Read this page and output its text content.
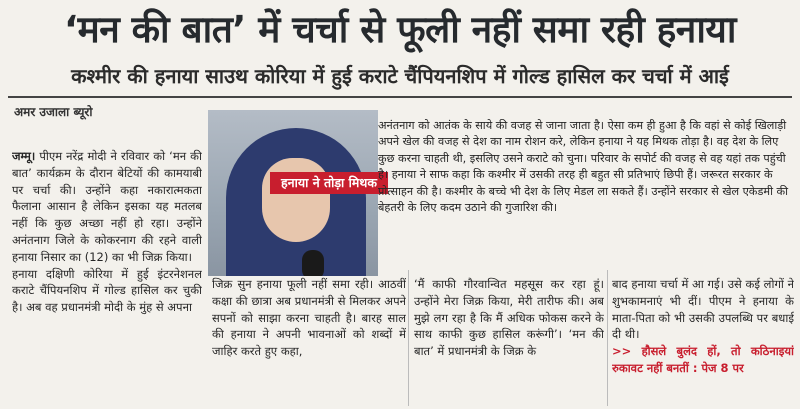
‘मन की बात’ में चर्चा से फूली नहीं समा रही हनाया
कश्मीर की हनाया साउथ कोरिया में हुई कराटे चैंपियनशिप में गोल्ड हासिल कर चर्चा में आई
अमर उजाला ब्यूरो

जम्मू। पीएम नरेंद्र मोदी ने रविवार को ‘मन की बात’ कार्यक्रम के दौरान बेटियों की कामयाबी पर चर्चा की। उन्होंने कहा नकारात्मकता फैलाना आसान है लेकिन इसका यह मतलब नहीं कि कुछ अच्छा नहीं हो रहा। उन्होंने अनंतनाग जिले के कोकरनाग की रहने वाली हनाया निसार का (12) का भी जिक्र किया।

हनाया दक्षिणी कोरिया में हुई इंटरनेशनल कराटे चैंपियनशिप में गोल्ड हासिल कर चुकी है। अब वह प्रधानमंत्री मोदी के मुंह से अपना

हनाया ने तोड़ा मिथक
अनंतनाग को आतंक के साये की वजह से जाना जाता है। ऐसा कम ही हुआ है कि वहां से कोई खिलाड़ी अपने खेल की वजह से देश का नाम रोशन करे, लेकिन हनाया ने यह मिथक तोड़ा है। वह देश के लिए कुछ करना चाहती थी, इसलिए उसने कराटे को चुना। परिवार के सपोर्ट की वजह से वह यहां तक पहुंची है। हनाया ने साफ कहा कि कश्मीर में उसकी तरह ही बहुत सी प्रतिभाएं छिपी हैं। जरूरत सरकार के प्रोत्साहन की है। कश्मीर के बच्चे भी देश के लिए मेडल ला सकते हैं। उन्होंने सरकार से खेल एकेडमी की बेहतरी के लिए कदम उठाने की गुजारिश की।
जिक्र सुन हनाया फूली नहीं समा रही। आठवीं कक्षा की छात्रा अब प्रधानमंत्री से मिलकर अपने सपनों को साझा करना चाहती है। बारह साल की हनाया ने अपनी भावनाओं को शब्दों में जाहिर करते हुए कहा,
‘मैं काफी गौरवान्वित महसूस कर रहा हूं। उन्होंने मेरा जिक्र किया, मेरी तारीफ की। अब मुझे लग रहा है कि मैं अधिक फोकस करने के साथ काफी कुछ हासिल करूंगी’। ‘मन की बात’ में प्रधानमंत्री के जिक्र के

बाद हनाया चर्चा में आ गई। उसे कई लोगों ने शुभकामनाएं भी दीं। पीएम ने हनाया के माता-पिता को भी उसकी उपलब्धि पर बधाई दी थी।

>> हौसले बुलंद हों, तो कठिनाइयां रुकावट नहीं बनतीं : पेज 8 पर
